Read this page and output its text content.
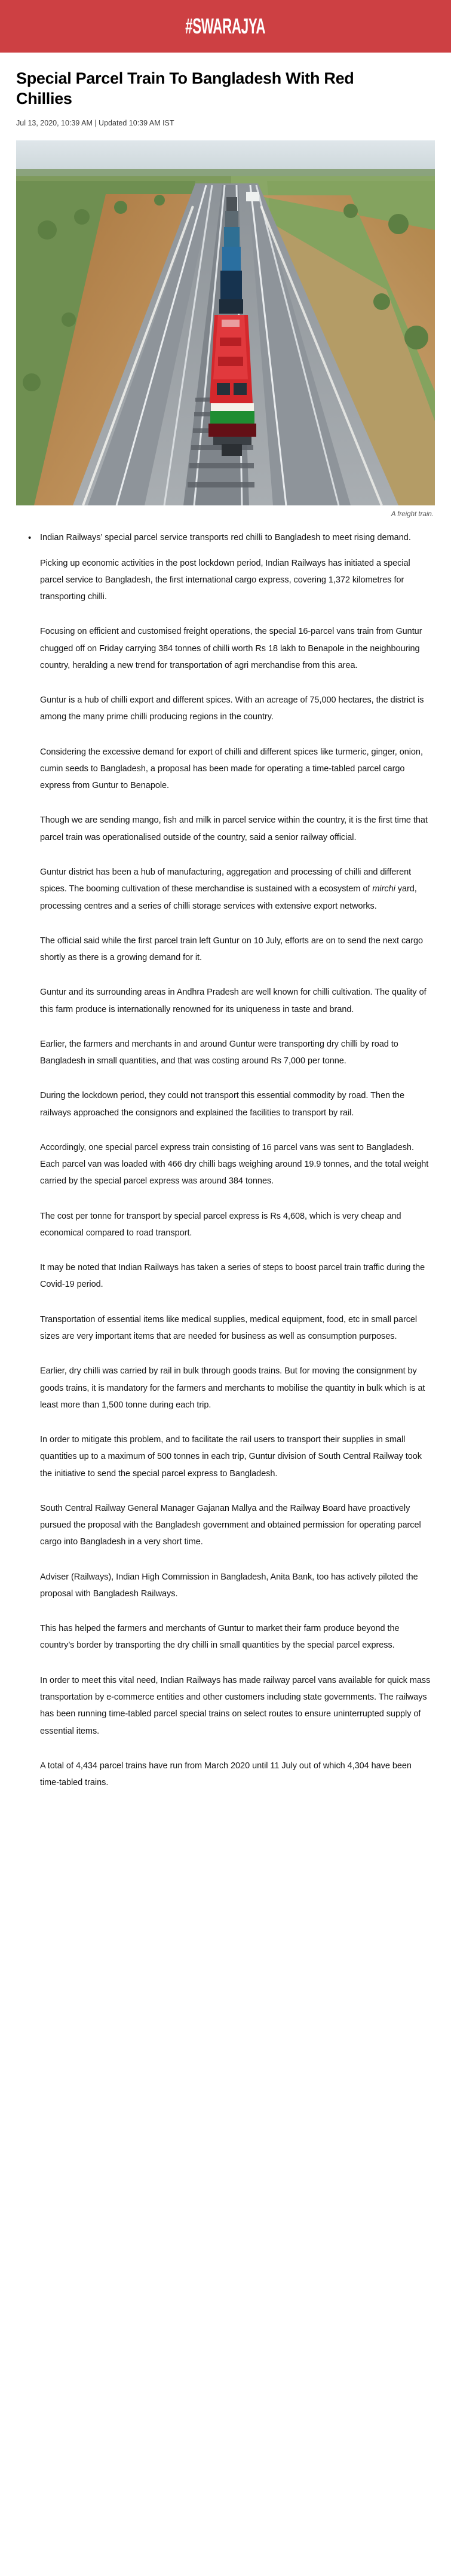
#SWARAJYA
Special Parcel Train To Bangladesh With Red Chillies
Jul 13, 2020, 10:39 AM | Updated 10:39 AM IST
A freight train.
• Indian Railways’ special parcel service transports red chilli to Bangladesh to meet rising demand.

Picking up economic activities in the post lockdown period, Indian Railways has initiated a special parcel service to Bangladesh, the first international cargo express, covering 1,372 kilometres for transporting chilli.

Focusing on efficient and customised freight operations, the special 16-parcel vans train from Guntur chugged off on Friday carrying 384 tonnes of chilli worth Rs 18 lakh to Benapole in the neighbouring country, heralding a new trend for transportation of agri merchandise from this area.

Guntur is a hub of chilli export and different spices. With an acreage of 75,000 hectares, the district is among the many prime chilli producing regions in the country.

Considering the excessive demand for export of chilli and different spices like turmeric, ginger, onion, cumin seeds to Bangladesh, a proposal has been made for operating a time-tabled parcel cargo express from Guntur to Benapole.

Though we are sending mango, fish and milk in parcel service within the country, it is the first time that parcel train was operationalised outside of the country, said a senior railway official.

Guntur district has been a hub of manufacturing, aggregation and processing of chilli and different spices. The booming cultivation of these merchandise is sustained with a ecosystem of mirchi yard, processing centres and a series of chilli storage services with extensive export networks.

The official said while the first parcel train left Guntur on 10 July, efforts are on to send the next cargo shortly as there is a growing demand for it.

Guntur and its surrounding areas in Andhra Pradesh are well known for chilli cultivation. The quality of this farm produce is internationally renowned for its uniqueness in taste and brand.

Earlier, the farmers and merchants in and around Guntur were transporting dry chilli by road to Bangladesh in small quantities, and that was costing around Rs 7,000 per tonne.

During the lockdown period, they could not transport this essential commodity by road. Then the railways approached the consignors and explained the facilities to transport by rail.

Accordingly, one special parcel express train consisting of 16 parcel vans was sent to Bangladesh. Each parcel van was loaded with 466 dry chilli bags weighing around 19.9 tonnes, and the total weight carried by the special parcel express was around 384 tonnes.

The cost per tonne for transport by special parcel express is Rs 4,608, which is very cheap and economical compared to road transport.

It may be noted that Indian Railways has taken a series of steps to boost parcel train traffic during the Covid-19 period.

Transportation of essential items like medical supplies, medical equipment, food, etc in small parcel sizes are very important items that are needed for business as well as consumption purposes.

Earlier, dry chilli was carried by rail in bulk through goods trains. But for moving the consignment by goods trains, it is mandatory for the farmers and merchants to mobilise the quantity in bulk which is at least more than 1,500 tonne during each trip.

In order to mitigate this problem, and to facilitate the rail users to transport their supplies in small quantities up to a maximum of 500 tonnes in each trip, Guntur division of South Central Railway took the initiative to send the special parcel express to Bangladesh.

South Central Railway General Manager Gajanan Mallya and the Railway Board have proactively pursued the proposal with the Bangladesh government and obtained permission for operating parcel cargo into Bangladesh in a very short time.

Adviser (Railways), Indian High Commission in Bangladesh, Anita Bank, too has actively piloted the proposal with Bangladesh Railways.

This has helped the farmers and merchants of Guntur to market their farm produce beyond the country’s border by transporting the dry chilli in small quantities by the special parcel express.

In order to meet this vital need, Indian Railways has made railway parcel vans available for quick mass transportation by e-commerce entities and other customers including state governments. The railways has been running time-tabled parcel special trains on select routes to ensure uninterrupted supply of essential items.

A total of 4,434 parcel trains have run from March 2020 until 11 July out of which 4,304 have been time-tabled trains.
